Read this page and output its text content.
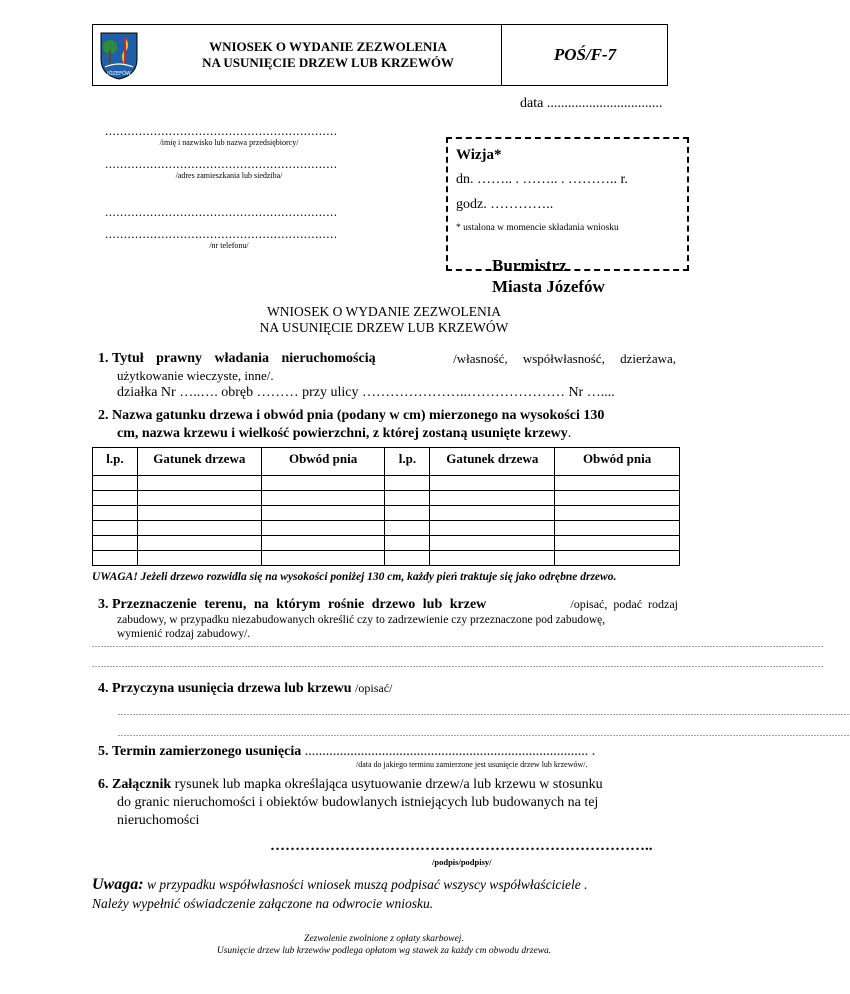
JÓZEFÓW
WNIOSEK O WYDANIE ZEZWOLENIA
NA USUNIĘCIE DRZEW LUB KRZEWÓW	POŚ/F-7
data .................................
..............................................................
/imię i nazwisko lub nazwa przedsiębiorcy/
..............................................................
/adres zamieszkania lub siedziba/
..............................................................
..............................................................
/nr telefonu/
Wizja*
dn. …….. . …….. . ……….. r.
godz. …………..
* ustalona w momencie składania wniosku
Burmistrz
Miasta Józefów
WNIOSEK O WYDANIE ZEZWOLENIA
NA USUNIĘCIE DRZEW LUB KRZEWÓW
1. Tytuł prawny władania nieruchomością	/własność, współwłasność, dzierżawa,
użytkowanie wieczyste, inne/.
działka Nr …..…. obręb ……… przy ulicy …………………..………………… Nr …....
2. Nazwa gatunku drzewa i obwód pnia (podany w cm) mierzonego na wysokości 130
cm, nazwa krzewu i wielkość powierzchni, z której zostaną usunięte krzewy.
l.p.	Gatunek drzewa	Obwód pnia	l.p.	Gatunek drzewa	Obwód pnia

UWAGA! Jeżeli drzewo rozwidla się na wysokości poniżej 130 cm, każdy pień traktuje się jako odrębne drzewo.
3. Przeznaczenie terenu, na którym rośnie drzewo lub krzew	/opisać, podać rodzaj
zabudowy, w przypadku niezabudowanych określić czy to zadrzewienie czy przeznaczone pod zabudowę,
wymienić rodzaj zabudowy/.
....................................................................................................................................................................................................................................................
....................................................................................................................................................................................................................................................
4. Przyczyna usunięcia drzewa lub krzewu /opisać/
....................................................................................................................................................................................................................................................
....................................................................................................................................................................................................................................................
5. Termin zamierzonego usunięcia ................................................................................. .
/data do jakiego terminu zamierzone jest usunięcie drzew lub krzewów/.
6. Załącznik rysunek lub mapka określająca usytuowanie drzew/a lub krzewu w stosunku
do granic nieruchomości i obiektów budowlanych istniejących lub budowanych na tej
nieruchomości
…………………………………………………………………..
/podpis/podpisy/
Uwaga: w przypadku współwłasności wniosek muszą podpisać wszyscy współwłaściciele .
Należy wypełnić oświadczenie załączone na odwrocie wniosku.
Zezwolenie zwolnione z opłaty skarbowej.
Usunięcie drzew lub krzewów podlega opłatom wg stawek za każdy cm obwodu drzewa.
